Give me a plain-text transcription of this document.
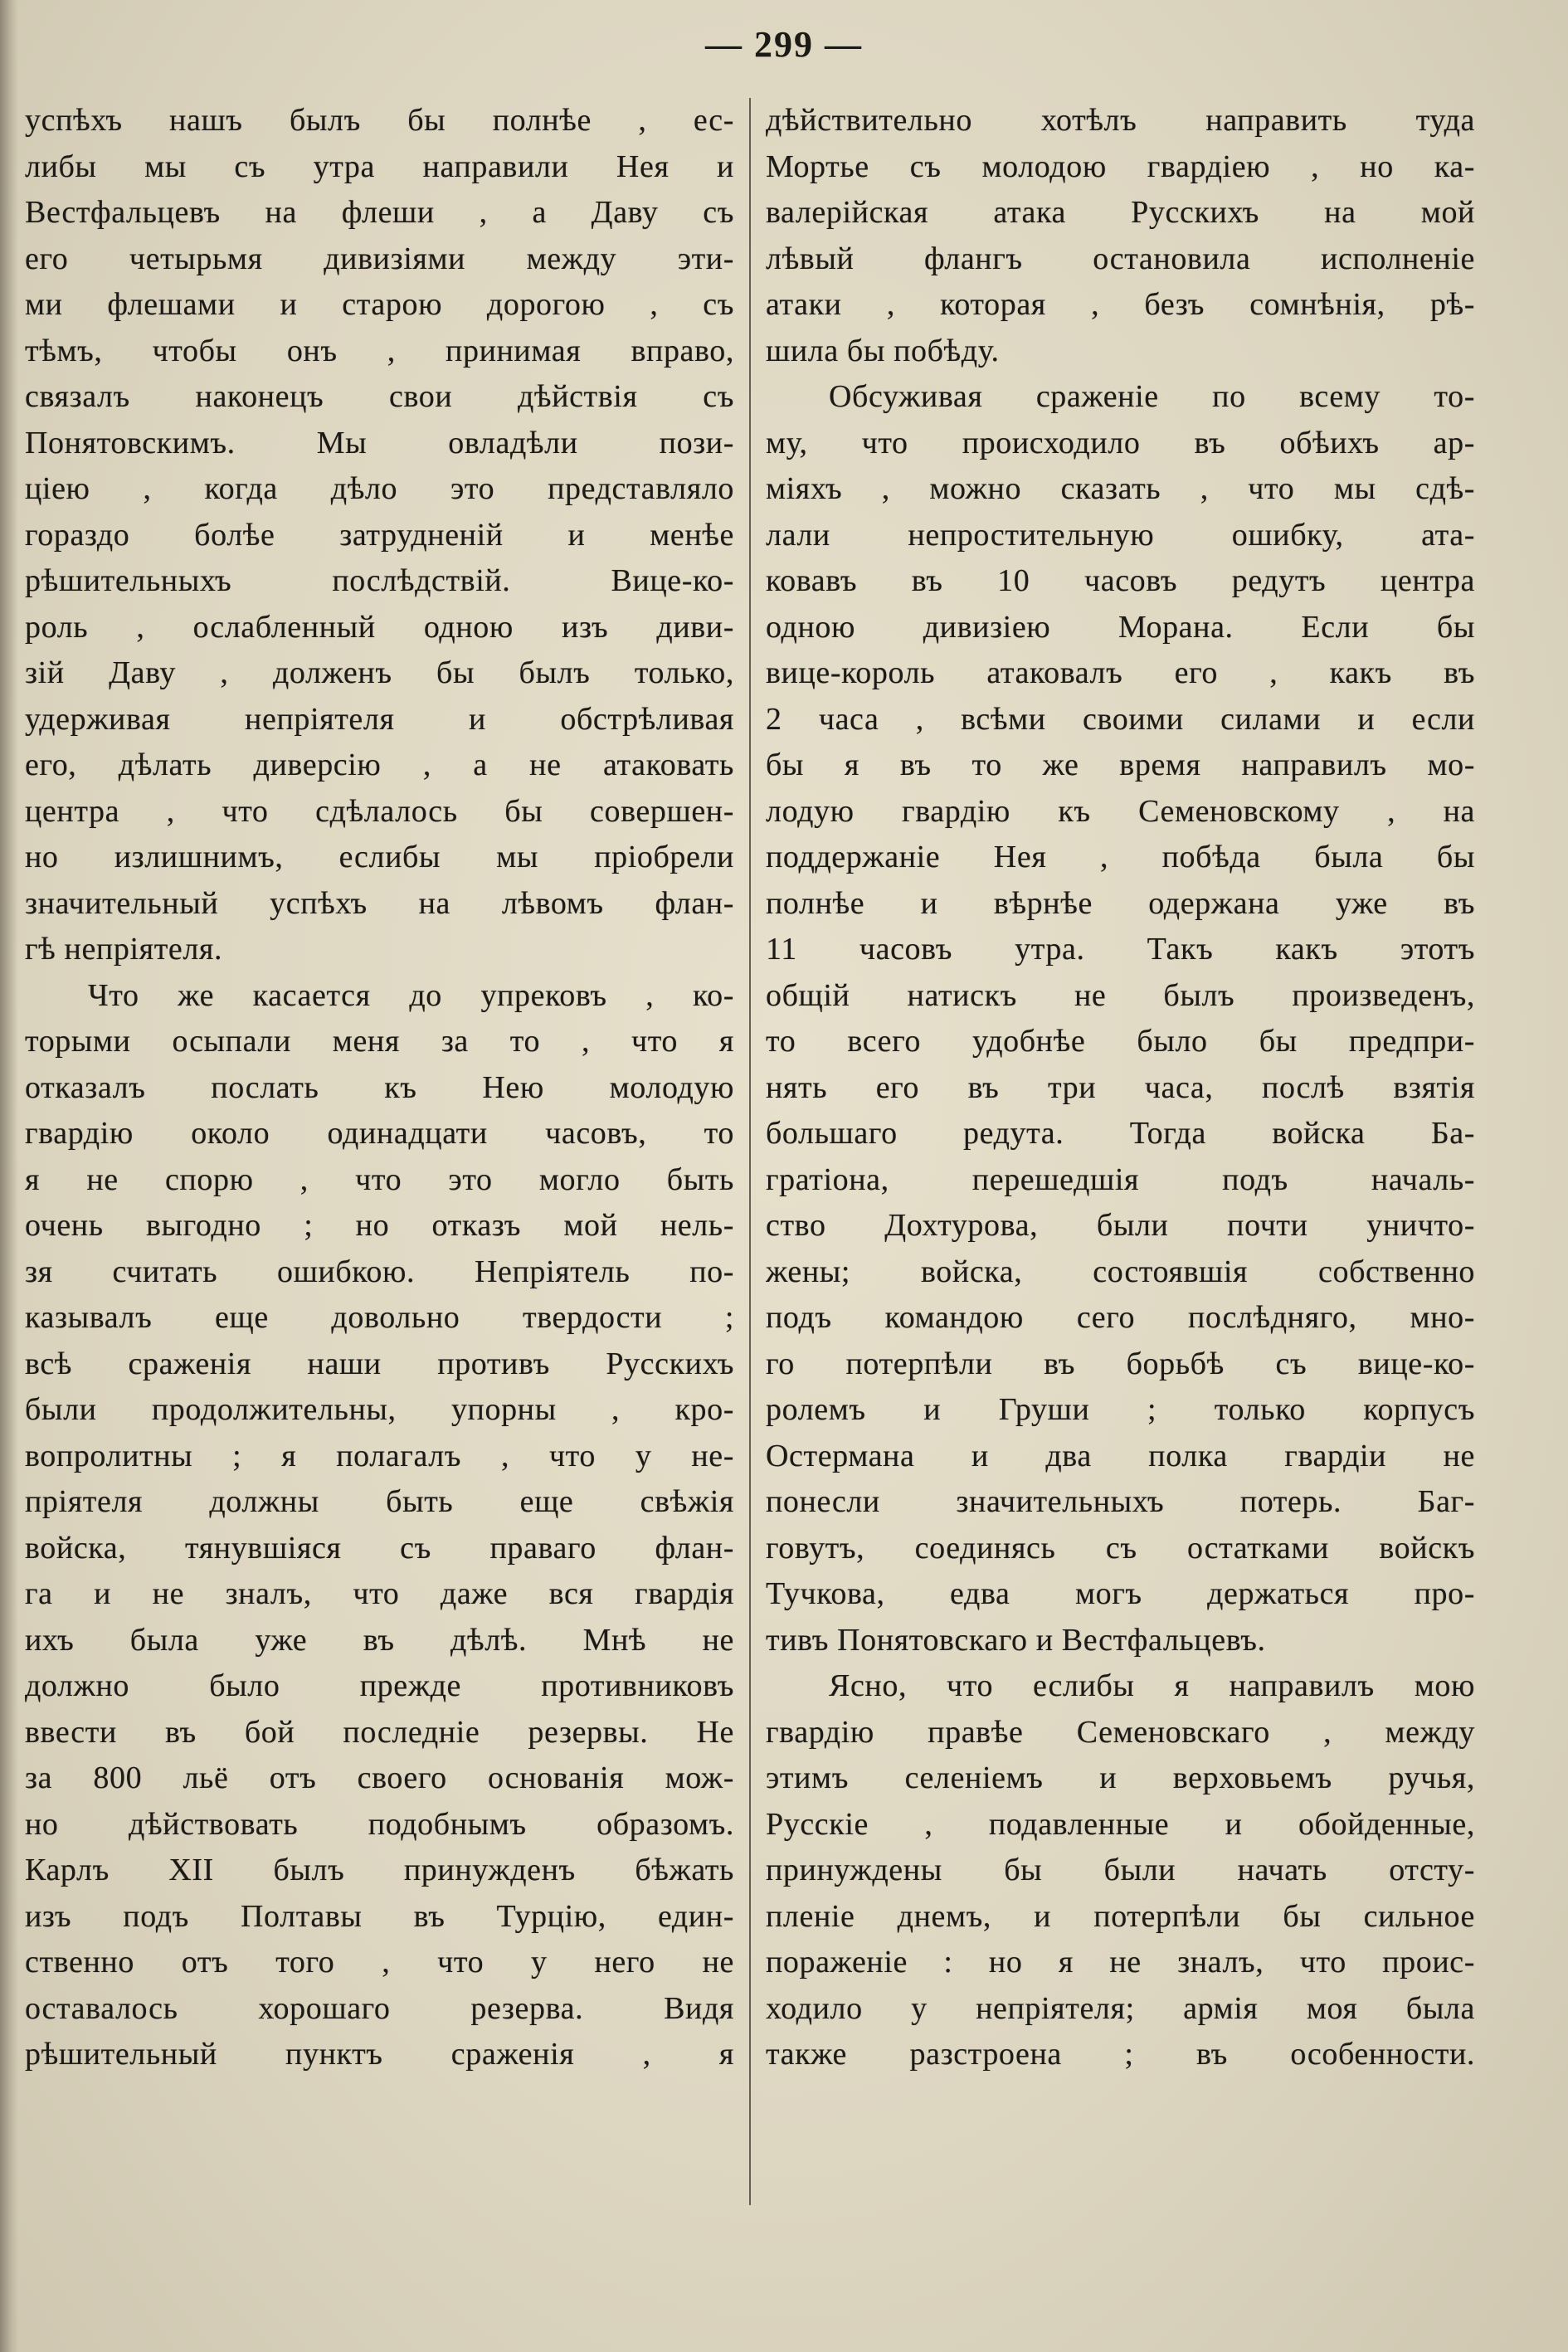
— 299 —
успѣхъ нашъ былъ бы полнѣе , ес-
либы мы съ утра направили Нея и
Вестфальцевъ на флеши , а Даву съ
его четырьмя дивизіями между эти-
ми флешами и старою дорогою , съ
тѣмъ, чтобы онъ , принимая вправо,
связалъ наконецъ свои дѣйствія съ
Понятовскимъ. Мы овладѣли пози-
ціею , когда дѣло это представляло
гораздо болѣе затрудненій и менѣе
рѣшительныхъ послѣдствій. Вице-ко-
роль , ослабленный одною изъ диви-
зій Даву , долженъ бы былъ только,
удерживая непріятеля и обстрѣливая
его, дѣлать диверсію , а не атаковать
центра , что сдѣлалось бы совершен-
но излишнимъ, еслибы мы пріобрели
значительный успѣхъ на лѣвомъ флан-
гѣ непріятеля.
Что же касается до упрековъ , ко-
торыми осыпали меня за то , что я
отказалъ послать къ Нею молодую
гвардію около одинадцати часовъ, то
я не спорю , что это могло быть
очень выгодно ; но отказъ мой нель-
зя считать ошибкою. Непріятель по-
казывалъ еще довольно твердости ;
всѣ сраженія наши противъ Русскихъ
были продолжительны, упорны , кро-
вопролитны ; я полагалъ , что у не-
пріятеля должны быть еще свѣжія
войска, тянувшіяся съ праваго флан-
га и не зналъ, что даже вся гвардія
ихъ была уже въ дѣлѣ. Мнѣ не
должно было прежде противниковъ
ввести въ бой последніе резервы. Не
за 800 льё отъ своего основанія мож-
но дѣйствовать подобнымъ образомъ.
Карлъ XII былъ принужденъ бѣжать
изъ подъ Полтавы въ Турцію, един-
ственно отъ того , что у него не
оставалось хорошаго резерва. Видя
рѣшительный пунктъ сраженія , я
дѣйствительно хотѣлъ направить туда
Мортье съ молодою гвардіею , но ка-
валерійская атака Русскихъ на мой
лѣвый флангъ остановила исполненіе
атаки , которая , безъ сомнѣнія, рѣ-
шила бы побѣду.
Обсуживая сраженіе по всему то-
му, что происходило въ обѣихъ ар-
міяхъ , можно сказать , что мы сдѣ-
лали непростительную ошибку, ата-
ковавъ въ 10 часовъ редутъ центра
одною дивизіею Морана. Если бы
вице-король атаковалъ его , какъ въ
2 часа , всѣми своими силами и если
бы я въ то же время направилъ мо-
лодую гвардію къ Семеновскому , на
поддержаніе Нея , побѣда была бы
полнѣе и вѣрнѣе одержана уже въ
11 часовъ утра. Такъ какъ этотъ
общій натискъ не былъ произведенъ,
то всего удобнѣе было бы предпри-
нять его въ три часа, послѣ взятія
большаго редута. Тогда войска Ба-
гратіона, перешедшія подъ началь-
ство Дохтурова, были почти уничто-
жены; войска, состоявшія собственно
подъ командою сего послѣдняго, мно-
го потерпѣли въ борьбѣ съ вице-ко-
ролемъ и Груши ; только корпусъ
Остермана и два полка гвардіи не
понесли значительныхъ потерь. Баг-
говутъ, соединясь съ остатками войскъ
Тучкова, едва могъ держаться про-
тивъ Понятовскаго и Вестфальцевъ.
Ясно, что еслибы я направилъ мою
гвардію правѣе Семеновскаго , между
этимъ селеніемъ и верховьемъ ручья,
Русскіе , подавленные и обойденные,
принуждены бы были начать отсту-
пленіе днемъ, и потерпѣли бы сильное
пораженіе : но я не зналъ, что проис-
ходило у непріятеля; армія моя была
также разстроена ; въ особенности.
